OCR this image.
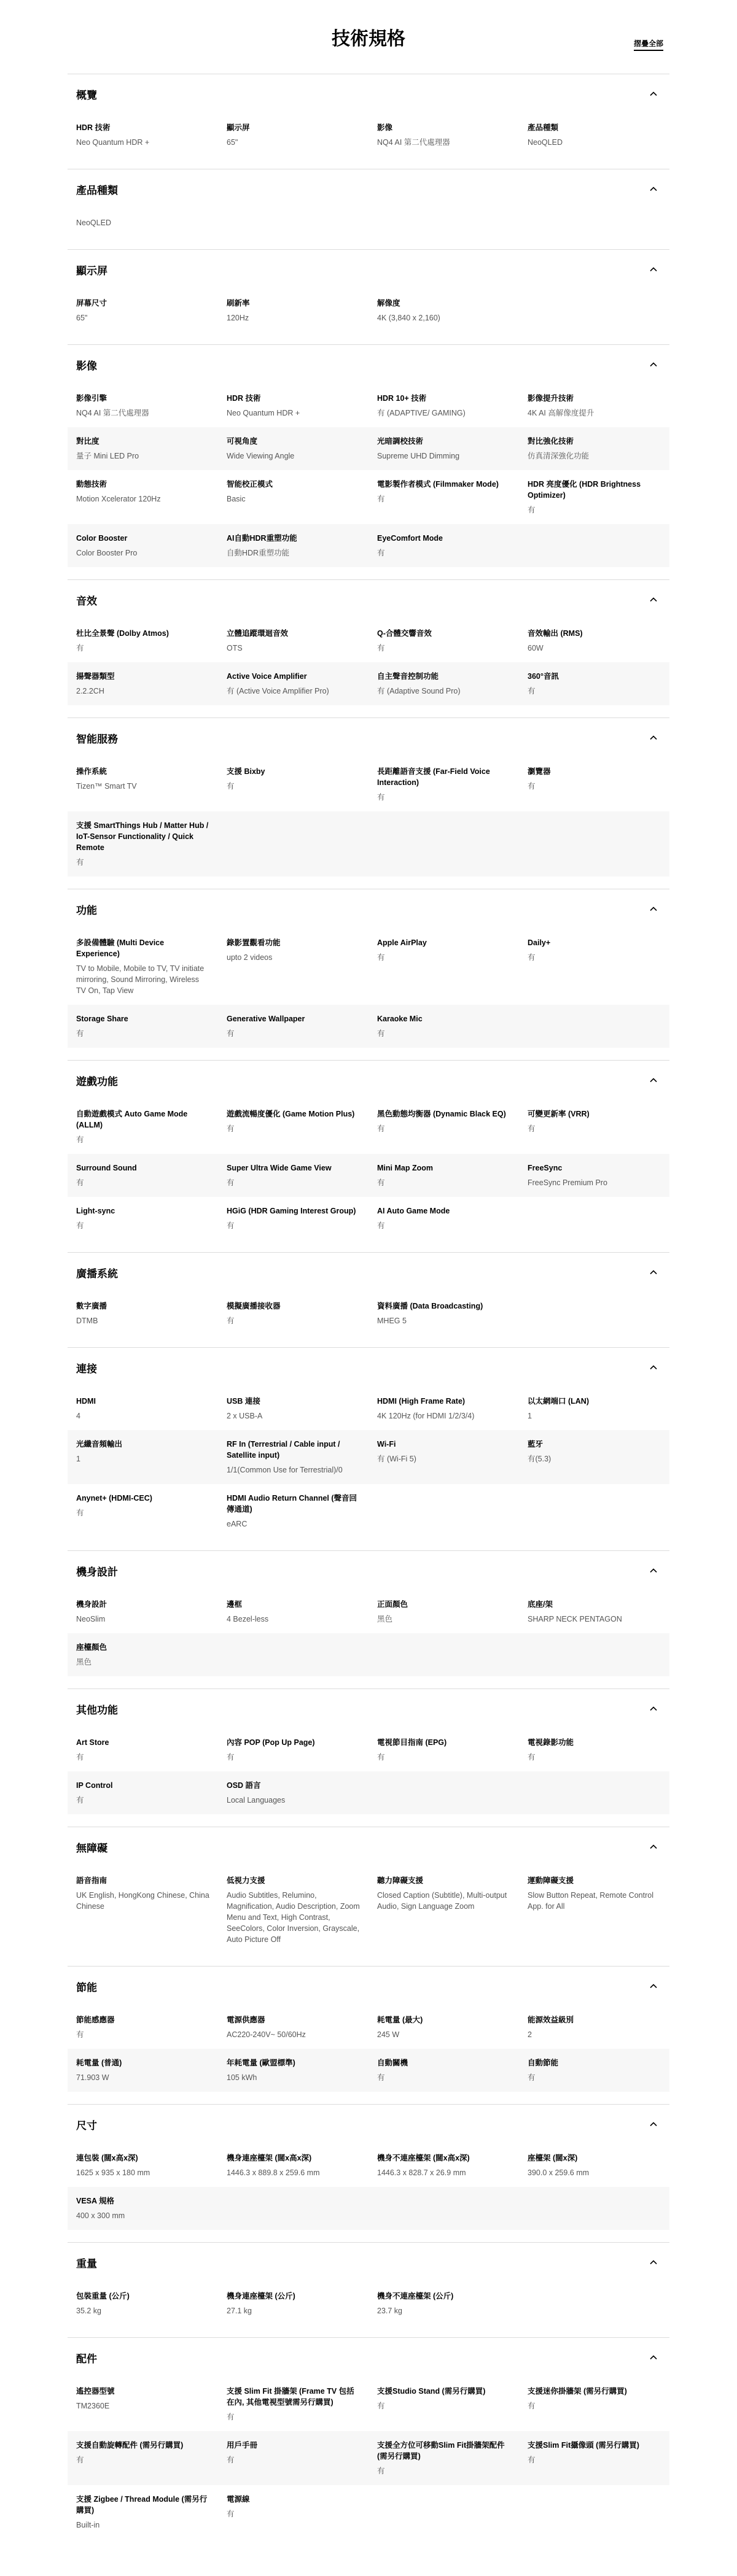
技術規格	摺疊全部
概覽
HDR 技術
Neo Quantum HDR +
顯示屏
65"
影像
NQ4 AI 第二代處理器
產品種類
NeoQLED
產品種類
NeoQLED
顯示屏
屏幕尺寸
65"
刷新率
120Hz
解像度
4K (3,840 x 2,160)
影像
影像引擎
NQ4 AI 第二代處理器
HDR 技術
Neo Quantum HDR +
HDR 10+ 技術
有 (ADAPTIVE/ GAMING)
影像提升技術
4K AI 高解像度提升
對比度
量子 Mini LED Pro
可視角度
Wide Viewing Angle
光暗調校技術
Supreme UHD Dimming
對比強化技術
仿真清深強化功能
動態技術
Motion Xcelerator 120Hz
智能校正模式
Basic
電影製作者模式 (Filmmaker Mode)
有
HDR 亮度優化 (HDR Brightness Optimizer)
有
Color Booster
Color Booster Pro
AI自動HDR重塑功能
自動HDR重塑功能
EyeComfort Mode
有
音效
杜比全景聲 (Dolby Atmos)
有
立體追蹤環迴音效
OTS
Q-合體交響音效
有
音效輸出 (RMS)
60W
揚聲器類型
2.2.2CH
Active Voice Amplifier
有 (Active Voice Amplifier Pro)
自主聲音控制功能
有 (Adaptive Sound Pro)
360°音訊
有
智能服務
操作系統
Tizen™ Smart TV
支援 Bixby
有
長距離語音支援 (Far-Field Voice Interaction)
有
瀏覽器
有
支援 SmartThings Hub / Matter Hub / IoT-Sensor Functionality / Quick Remote
有
功能
多設備體驗 (Multi Device Experience)
TV to Mobile, Mobile to TV, TV initiate mirroring, Sound Mirroring, Wireless TV On, Tap View
錄影置觀看功能
upto 2 videos
Apple AirPlay
有
Daily+
有
Storage Share
有
Generative Wallpaper
有
Karaoke Mic
有
遊戲功能
自動遊戲模式 Auto Game Mode (ALLM)
有
遊戲流暢度優化 (Game Motion Plus)
有
黑色動態均衡器 (Dynamic Black EQ)
有
可變更新率 (VRR)
有
Surround Sound
有
Super Ultra Wide Game View
有
Mini Map Zoom
有
FreeSync
FreeSync Premium Pro
Light-sync
有
HGiG (HDR Gaming Interest Group)
有
AI Auto Game Mode
有
廣播系統
數字廣播
DTMB
模擬廣播接收器
有
資料廣播 (Data Broadcasting)
MHEG 5
連接
HDMI
4
USB 連接
2 x USB-A
HDMI (High Frame Rate)
4K 120Hz (for HDMI 1/2/3/4)
以太網端口 (LAN)
1
光纖音頻輸出
1
RF In (Terrestrial / Cable input / Satellite input)
1/1(Common Use for Terrestrial)/0
Wi-Fi
有 (Wi-Fi 5)
藍牙
有(5.3)
Anynet+ (HDMI-CEC)
有
HDMI Audio Return Channel (聲音回傳通道)
eARC
機身設計
機身設計
NeoSlim
邊框
4 Bezel-less
正面顏色
黑色
底座/架
SHARP NECK PENTAGON
座檯顏色
黑色
其他功能
Art Store
有
內容 POP (Pop Up Page)
有
電視節目指南 (EPG)
有
電視錄影功能
有
IP Control
有
OSD 語言
Local Languages
無障礙
語音指南
UK English, HongKong Chinese, China Chinese
低視力支援
Audio Subtitles, Relumino, Magnification, Audio Description, Zoom Menu and Text, High Contrast, SeeColors, Color Inversion, Grayscale, Auto Picture Off
聽力障礙支援
Closed Caption (Subtitle), Multi-output Audio, Sign Language Zoom
運動障礙支援
Slow Button Repeat, Remote Control App. for All
節能
節能感應器
有
電源供應器
AC220-240V~ 50/60Hz
耗電量 (最大)
245 W
能源效益級別
2
耗電量 (普通)
71.903 W
年耗電量 (歐盟標準)
105 kWh
自動關機
有
自動節能
有
尺寸
連包裝 (闊x高x深)
1625 x 935 x 180 mm
機身連座檯架 (闊x高x深)
1446.3 x 889.8 x 259.6 mm
機身不連座檯架 (闊x高x深)
1446.3 x 828.7 x 26.9 mm
座檯架 (闊x深)
390.0 x 259.6 mm
VESA 規格
400 x 300 mm
重量
包裝重量 (公斤)
35.2 kg
機身連座檯架 (公斤)
27.1 kg
機身不連座檯架 (公斤)
23.7 kg
配件
遙控器型號
TM2360E
支援 Slim Fit 掛牆架 (Frame TV 包括在內, 其他電視型號需另行購買)
有
支援Studio Stand (需另行購買)
有
支援迷你掛牆架 (需另行購買)
有
支援自動旋轉配件 (需另行購買)
有
用戶手冊
有
支援全方位可移動Slim Fit掛牆架配件 (需另行購買)
有
支援Slim Fit攝像頭 (需另行購買)
有
支援 Zigbee / Thread Module (需另行購買)
Built-in
電源線
有
